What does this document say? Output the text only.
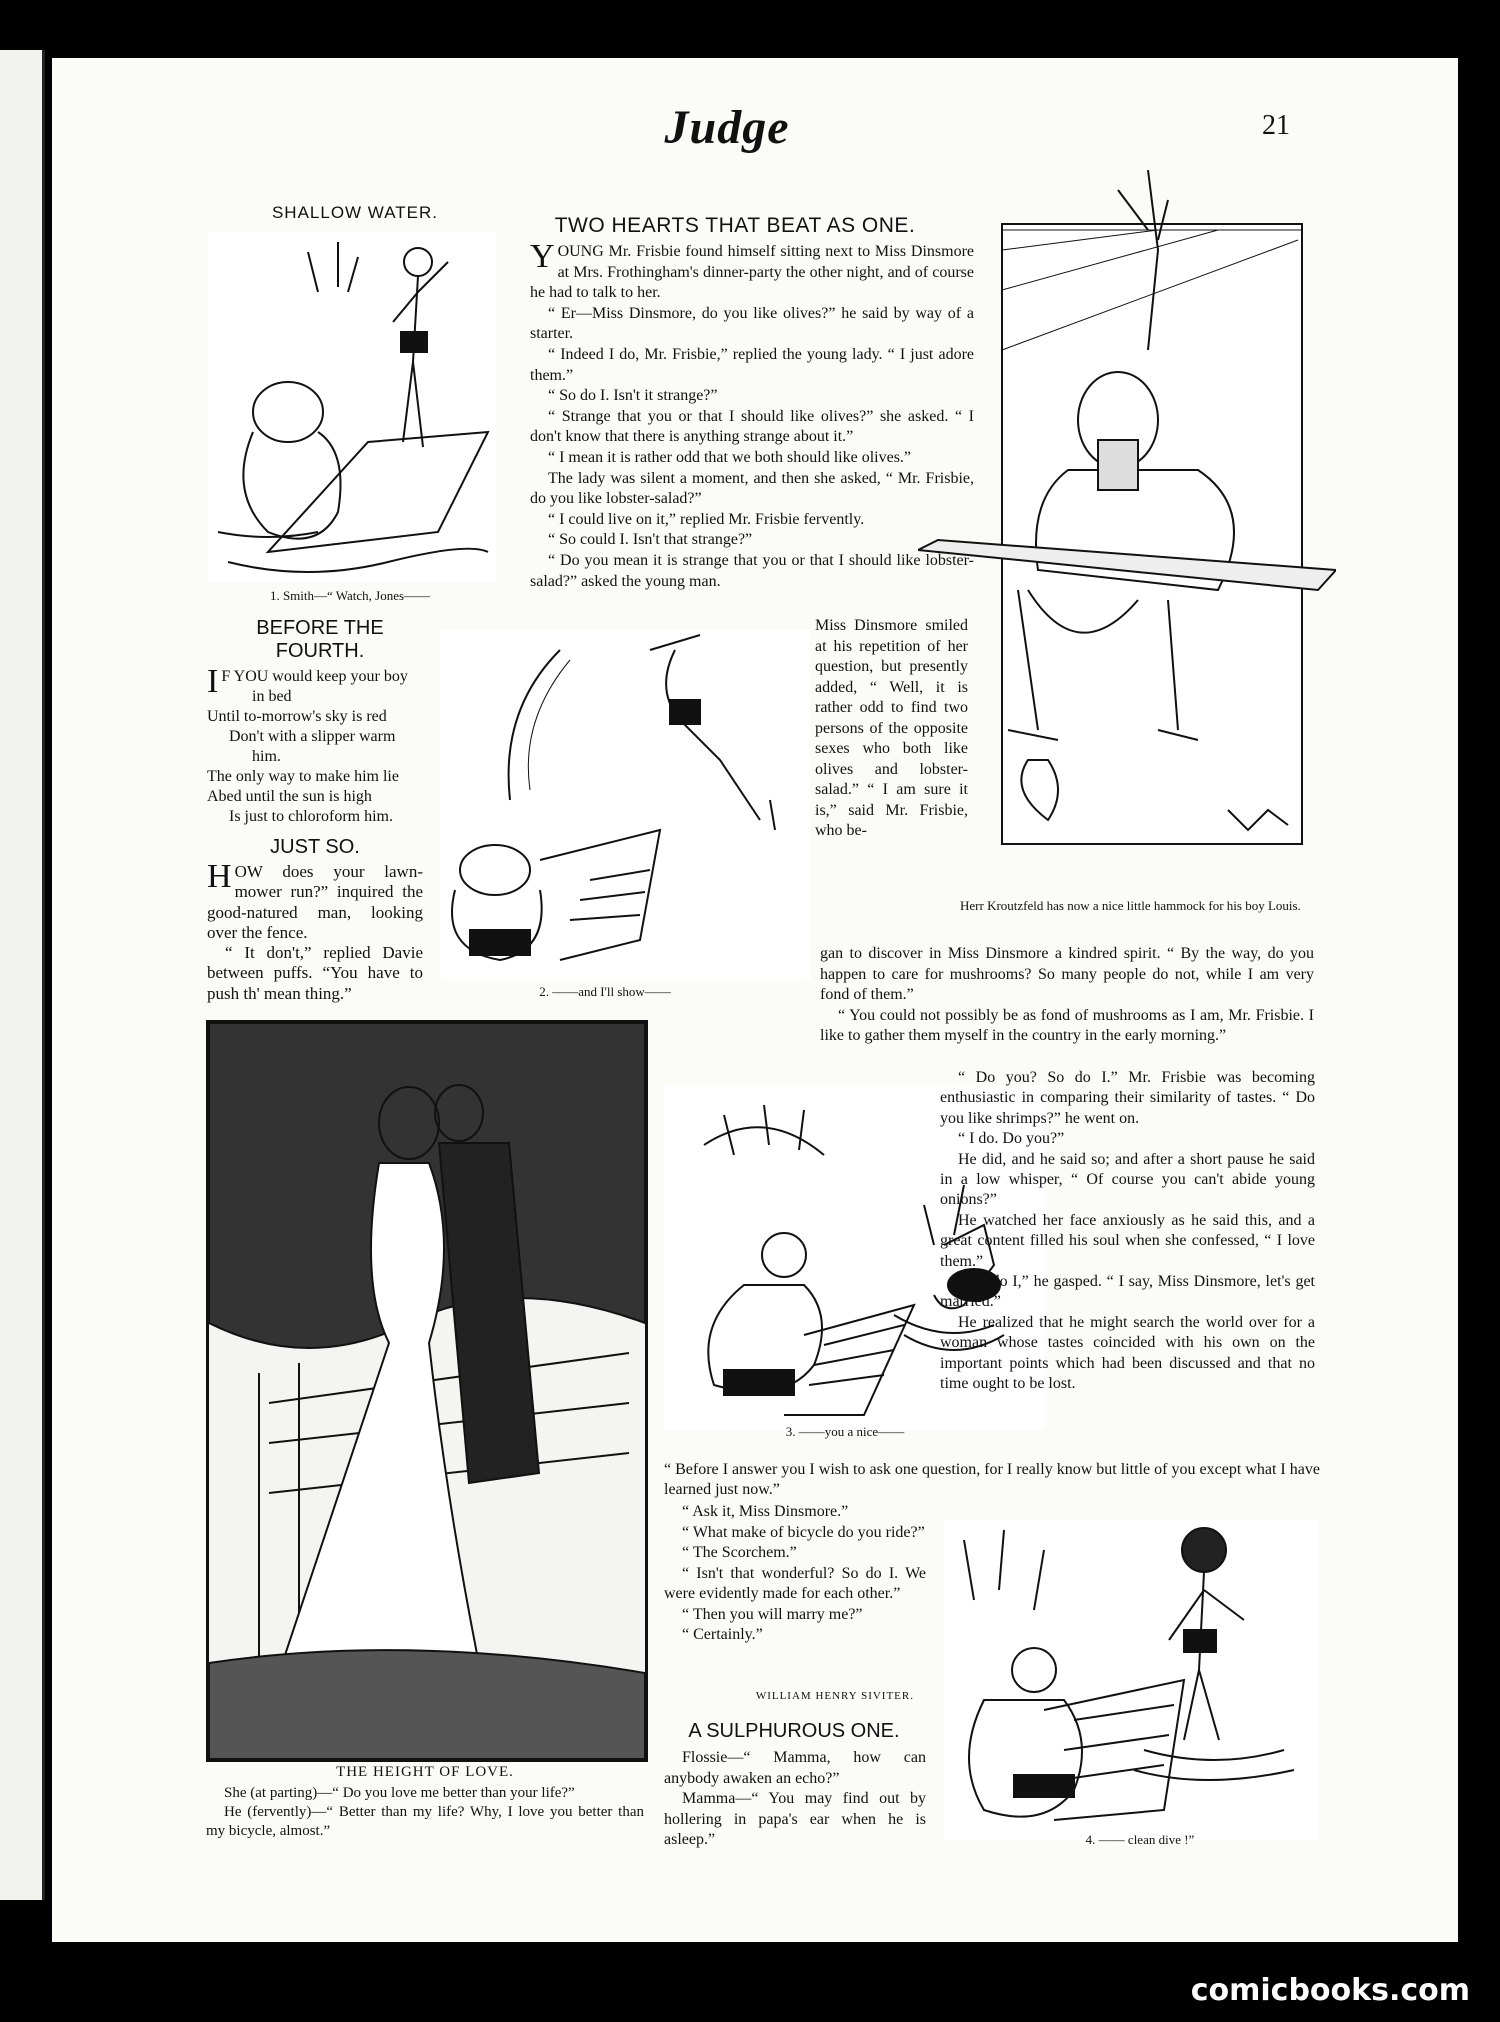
Judge	21
SHALLOW WATER.
1. Smith—“ Watch, Jones——
BEFORE THE FOURTH.
I F YOU would keep your boy
in bed
Until to-morrow's sky is red
Don't with a slipper warm
him.
The only way to make him lie
Abed until the sun is high
Is just to chloroform him.
JUST SO.

HOW does your lawn-mower run?” inquired the good-natured man, looking over the fence.

“ It don't,” replied Davie between puffs. “You have to push th' mean thing.”

TWO HEARTS THAT BEAT AS ONE.

YOUNG Mr. Frisbie found himself sitting next to Miss Dinsmore at Mrs. Frothingham's dinner-party the other night, and of course he had to talk to her.

“ Er—Miss Dinsmore, do you like olives?” he said by way of a starter.

“ Indeed I do, Mr. Frisbie,” replied the young lady. “ I just adore them.”

“ So do I. Isn't it strange?”

“ Strange that you or that I should like olives?” she asked. “ I don't know that there is anything strange about it.”

“ I mean it is rather odd that we both should like olives.”

The lady was silent a moment, and then she asked, “ Mr. Frisbie, do you like lobster-salad?”

“ I could live on it,” replied Mr. Frisbie fervently.

“ So could I. Isn't that strange?”

“ Do you mean it is strange that you or that I should like lobster-salad?” asked the young man.

2. ——and I'll show——
Miss Dinsmore smiled at his repetition of her question, but presently added, “ Well, it is rather odd to find two persons of the opposite sexes who both like olives and lobster-salad.” “ I am sure it is,” said Mr. Frisbie, who be-
Herr Kroutzfeld has now a nice little hammock for his boy Louis.

gan to discover in Miss Dinsmore a kindred spirit. “ By the way, do you happen to care for mushrooms? So many people do not, while I am very fond of them.”

“ You could not possibly be as fond of mushrooms as I am, Mr. Frisbie. I like to gather them myself in the country in the early morning.”

THE HEIGHT OF LOVE.

She (at parting)—“ Do you love me better than your life?”

He (fervently)—“ Better than my life? Why, I love you better than my bicycle, almost.”

3. ——you a nice——

“ Do you? So do I.” Mr. Frisbie was becoming enthusiastic in comparing their similarity of tastes. “ Do you like shrimps?” he went on.

“ I do. Do you?”

He did, and he said so; and after a short pause he said in a low whisper, “ Of course you can't abide young onions?”

He watched her face anxiously as he said this, and a great content filled his soul when she confessed, “ I love them.”

“ So do I,” he gasped. “ I say, Miss Dinsmore, let's get married.”

He realized that he might search the world over for a woman whose tastes coincided with his own on the important points which had been discussed and that no time ought to be lost.

“ Before I answer you I wish to ask one question, for I really know but little of you except what I have learned just now.”

“ Ask it, Miss Dinsmore.”

“ What make of bicycle do you ride?”

“ The Scorchem.”

“ Isn't that wonderful? So do I. We were evidently made for each other.”

“ Then you will marry me?”

“ Certainly.”

WILLIAM HENRY SIVITER.
A SULPHUROUS ONE.

Flossie—“ Mamma, how can anybody awaken an echo?”

Mamma—“ You may find out by hollering in papa's ear when he is asleep.”	4. —— clean dive !”
comicbooks.com
